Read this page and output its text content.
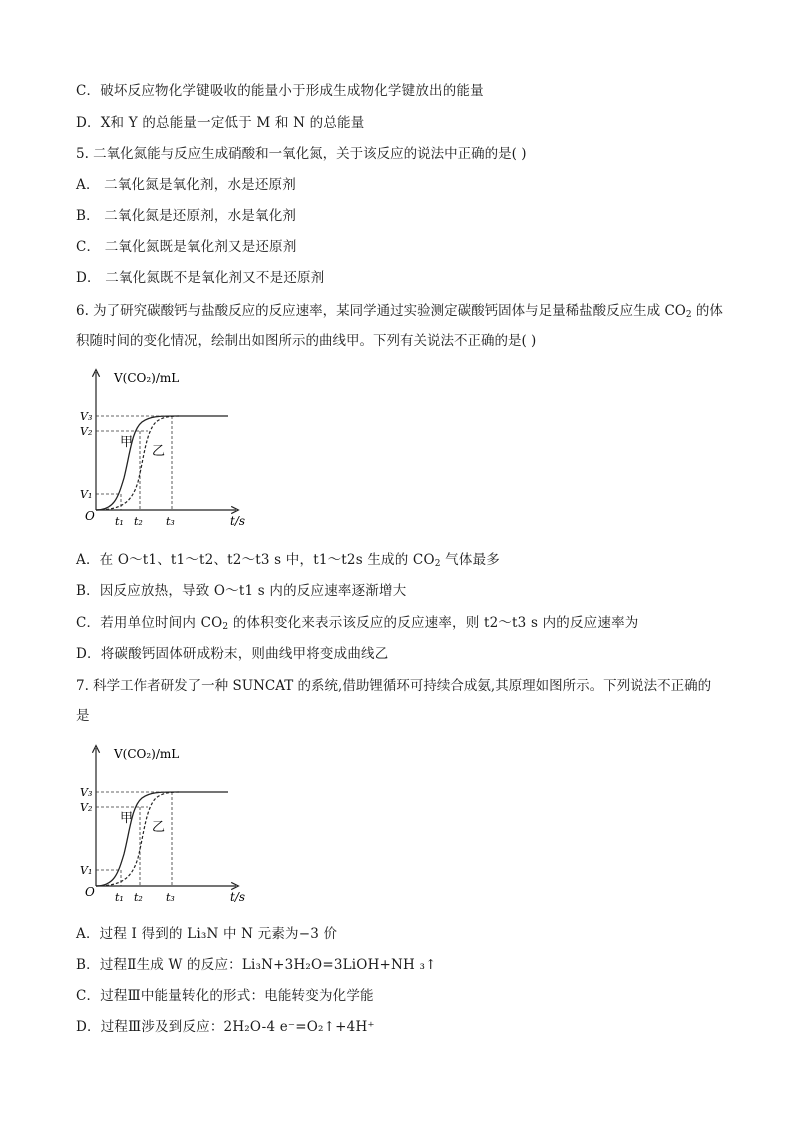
C．破坏反应物化学键吸收的能量小于形成生成物化学键放出的能量
D．X和 Y 的总能量一定低于 M 和 N 的总能量
5. 二氧化氮能与反应生成硝酸和一氧化氮，关于该反应的说法中正确的是( )
A． 二氧化氮是氧化剂，水是还原剂
B． 二氧化氮是还原剂，水是氧化剂
C． 二氧化氮既是氧化剂又是还原剂
D． 二氧化氮既不是氧化剂又不是还原剂
6. 为了研究碳酸钙与盐酸反应的反应速率，某同学通过实验测定碳酸钙固体与足量稀盐酸反应生成 $CO_2$ 的体
积随时间的变化情况，绘制出如图所示的曲线甲。下列有关说法不正确的是( )
V(CO₂)/mL
t/s
O
V₃
V₂
V₁
t₁ t₂ t₃
甲
乙
A．在 O～t1、t1～t2、t2～t3 s 中，t1～t2s 生成的 $CO_2$ 气体最多
B．因反应放热，导致 O～t1 s 内的反应速率逐渐增大
C．若用单位时间内 $CO_2$ 的体积变化来表示该反应的反应速率，则 t2～t3 s 内的反应速率为
D．将碳酸钙固体研成粉末，则曲线甲将变成曲线乙
7. 科学工作者研发了一种 SUNCAT 的系统,借助锂循环可持续合成氨,其原理如图所示。下列说法不正确的
是
V(CO₂)/mL
t/s
O
V₃
V₂
V₁
t₁ t₂ t₃
甲
乙
A．过程 I 得到的 Li₃N 中 N 元素为−3 价
B．过程Ⅱ生成 W 的反应：Li₃N+3H₂O=3LiOH+NH ₃↑
C．过程Ⅲ中能量转化的形式：电能转变为化学能
D．过程Ⅲ涉及到反应：2H₂O-4 e⁻=O₂↑+4H⁺
